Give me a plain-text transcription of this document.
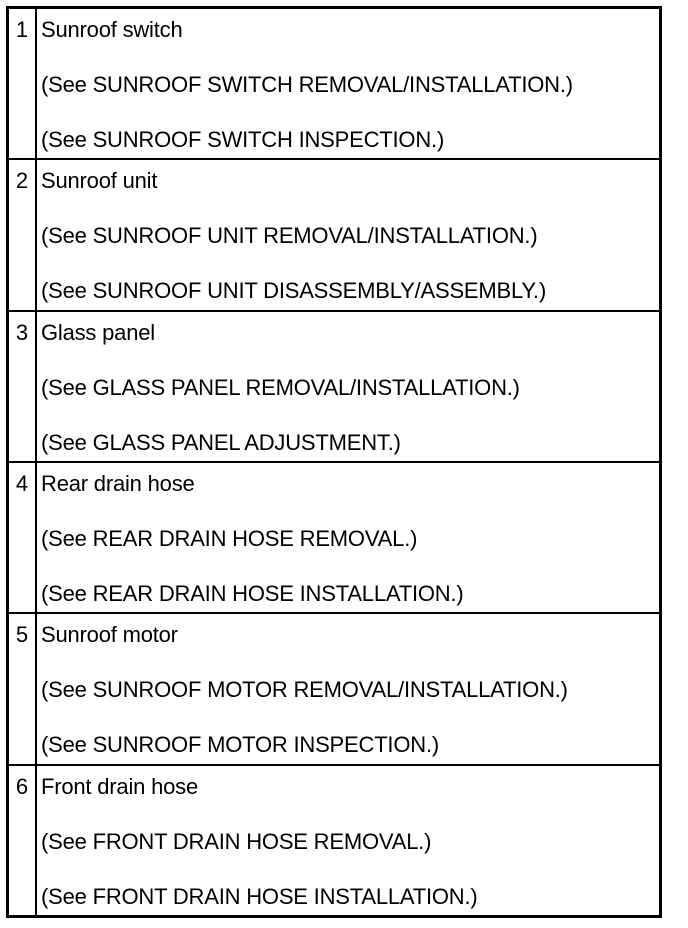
1 Sunroof switch
(See SUNROOF SWITCH REMOVAL/INSTALLATION.)
(See SUNROOF SWITCH INSPECTION.)
2 Sunroof unit
(See SUNROOF UNIT REMOVAL/INSTALLATION.)
(See SUNROOF UNIT DISASSEMBLY/ASSEMBLY.)
3 Glass panel
(See GLASS PANEL REMOVAL/INSTALLATION.)
(See GLASS PANEL ADJUSTMENT.)
4 Rear drain hose
(See REAR DRAIN HOSE REMOVAL.)
(See REAR DRAIN HOSE INSTALLATION.)
5 Sunroof motor
(See SUNROOF MOTOR REMOVAL/INSTALLATION.)
(See SUNROOF MOTOR INSPECTION.)
6 Front drain hose
(See FRONT DRAIN HOSE REMOVAL.)
(See FRONT DRAIN HOSE INSTALLATION.)
